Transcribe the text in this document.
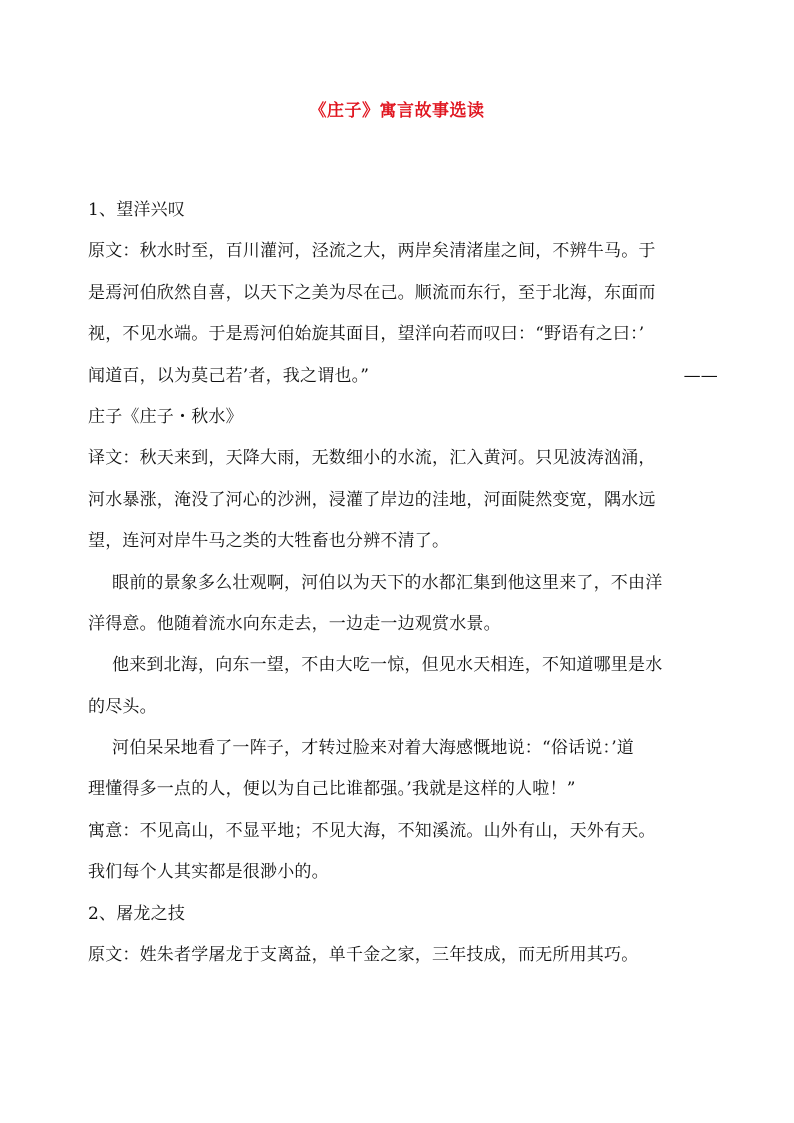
《庄子》寓言故事选读
1、望洋兴叹
原文：秋水时至，百川灌河，泾流之大，两岸矣清渚崖之间，不辨牛马。于
是焉河伯欣然自喜，以天下之美为尽在己。顺流而东行，至于北海，东面而
视，不见水端。于是焉河伯始旋其面目，望洋向若而叹曰：“野语有之曰：’
闻道百，以为莫己若’者，我之谓也。”	——
庄子《庄子・秋水》
译文：秋天来到，天降大雨，无数细小的水流，汇入黄河。只见波涛汹涌，
河水暴涨，淹没了河心的沙洲，浸灌了岸边的洼地，河面陡然变宽，隅水远
望，连河对岸牛马之类的大牲畜也分辨不清了。
眼前的景象多么壮观啊，河伯以为天下的水都汇集到他这里来了，不由洋
洋得意。他随着流水向东走去，一边走一边观赏水景。
他来到北海，向东一望，不由大吃一惊，但见水天相连，不知道哪里是水
的尽头。
河伯呆呆地看了一阵子，才转过脸来对着大海感慨地说：“俗话说：’道
理懂得多一点的人，便以为自己比谁都强。’我就是这样的人啦！”
寓意：不见高山，不显平地；不见大海，不知溪流。山外有山，天外有天。
我们每个人其实都是很渺小的。
2、屠龙之技
原文：姓朱者学屠龙于支离益，单千金之家，三年技成，而无所用其巧。
